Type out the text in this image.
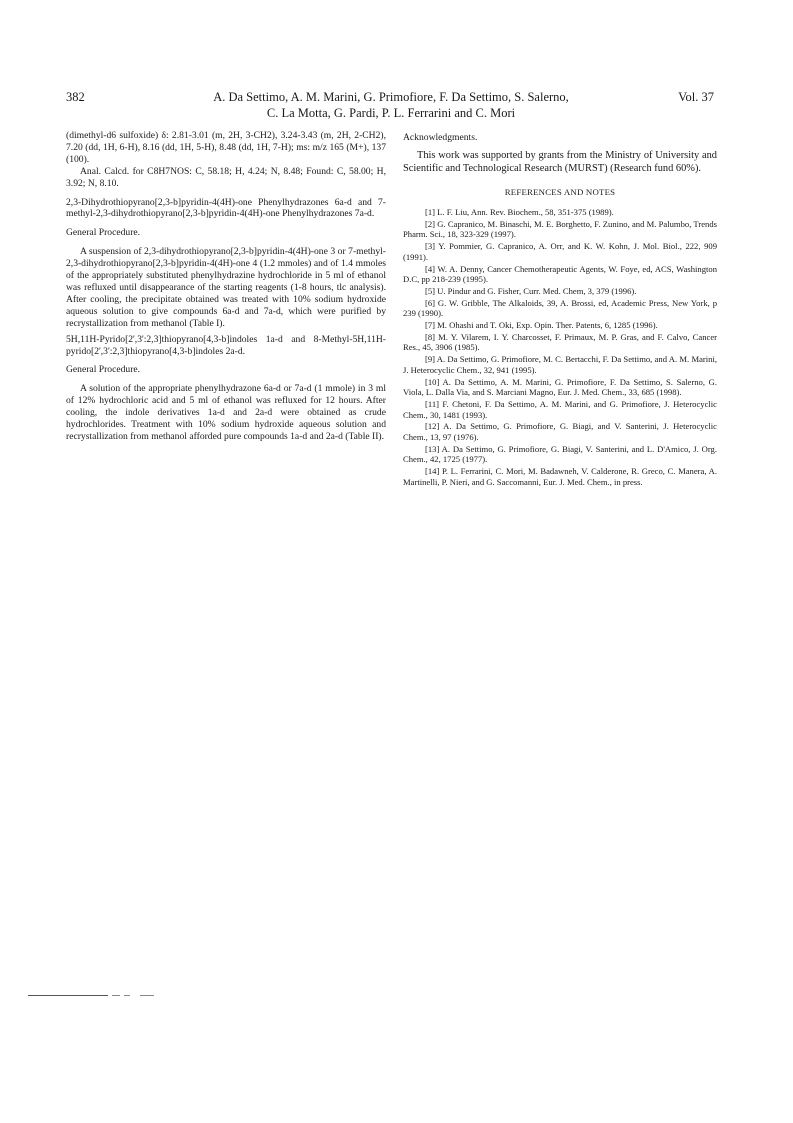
382	A. Da Settimo, A. M. Marini, G. Primofiore, F. Da Settimo, S. Salerno,
C. La Motta, G. Pardi, P. L. Ferrarini and C. Mori
Vol. 37

(dimethyl-d6 sulfoxide) δ: 2.81-3.01 (m, 2H, 3-CH2), 3.24-3.43 (m, 2H, 2-CH2), 7.20 (dd, 1H, 6-H), 8.16 (dd, 1H, 5-H), 8.48 (dd, 1H, 7-H); ms: m/z 165 (M+), 137 (100).

Anal. Calcd. for C8H7NOS: C, 58.18; H, 4.24; N, 8.48; Found: C, 58.00; H, 3.92; N, 8.10.

2,3-Dihydrothiopyrano[2,3-b]pyridin-4(4H)-one Phenylhydrazones 6a-d and 7-methyl-2,3-dihydrothiopyrano[2,3-b]pyridin-4(4H)-one Phenylhydrazones 7a-d.

General Procedure.

A suspension of 2,3-dihydrothiopyrano[2,3-b]pyridin-4(4H)-one 3 or 7-methyl-2,3-dihydrothiopyrano[2,3-b]pyridin-4(4H)-one 4 (1.2 mmoles) and of 1.4 mmoles of the appropriately substituted phenylhydrazine hydrochloride in 5 ml of ethanol was refluxed until disappearance of the starting reagents (1-8 hours, tlc analysis). After cooling, the precipitate obtained was treated with 10% sodium hydroxide aqueous solution to give compounds 6a-d and 7a-d, which were purified by recrystallization from methanol (Table I).

5H,11H-Pyrido[2',3':2,3]thiopyrano[4,3-b]indoles 1a-d and 8-Methyl-5H,11H-pyrido[2',3':2,3]thiopyrano[4,3-b]indoles 2a-d.

General Procedure.

A solution of the appropriate phenylhydrazone 6a-d or 7a-d (1 mmole) in 3 ml of 12% hydrochloric acid and 5 ml of ethanol was refluxed for 12 hours. After cooling, the indole derivatives 1a-d and 2a-d were obtained as crude hydrochlorides. Treatment with 10% sodium hydroxide aqueous solution and recrystallization from methanol afforded pure compounds 1a-d and 2a-d (Table II).

Acknowledgments.

This work was supported by grants from the Ministry of University and Scientific and Technological Research (MURST) (Research fund 60%).

REFERENCES AND NOTES

[1] L. F. Liu, Ann. Rev. Biochem., 58, 351-375 (1989).

[2] G. Capranico, M. Binaschi, M. E. Borghetto, F. Zunino, and M. Palumbo, Trends Pharm. Sci., 18, 323-329 (1997).

[3] Y. Pommier, G. Capranico, A. Orr, and K. W. Kohn, J. Mol. Biol., 222, 909 (1991).

[4] W. A. Denny, Cancer Chemotherapeutic Agents, W. Foye, ed, ACS, Washington D.C, pp 218-239 (1995).

[5] U. Pindur and G. Fisher, Curr. Med. Chem, 3, 379 (1996).

[6] G. W. Gribble, The Alkaloids, 39, A. Brossi, ed, Academic Press, New York, p 239 (1990).

[7] M. Ohashi and T. Oki, Exp. Opin. Ther. Patents, 6, 1285 (1996).

[8] M. Y. Vilarem, I. Y. Charcosset, F. Primaux, M. P. Gras, and F. Calvo, Cancer Res., 45, 3906 (1985).

[9] A. Da Settimo, G. Primofiore, M. C. Bertacchi, F. Da Settimo, and A. M. Marini, J. Heterocyclic Chem., 32, 941 (1995).

[10] A. Da Settimo, A. M. Marini, G. Primofiore, F. Da Settimo, S. Salerno, G. Viola, L. Dalla Via, and S. Marciani Magno, Eur. J. Med. Chem., 33, 685 (1998).

[11] F. Chetoni, F. Da Settimo, A. M. Marini, and G. Primofiore, J. Heterocyclic Chem., 30, 1481 (1993).

[12] A. Da Settimo, G. Primofiore, G. Biagi, and V. Santerini, J. Heterocyclic Chem., 13, 97 (1976).

[13] A. Da Settimo, G. Primofiore, G. Biagi, V. Santerini, and L. D'Amico, J. Org. Chem., 42, 1725 (1977).

[14] P. L. Ferrarini, C. Mori, M. Badawneh, V. Calderone, R. Greco, C. Manera, A. Martinelli, P. Nieri, and G. Saccomanni, Eur. J. Med. Chem., in press.
